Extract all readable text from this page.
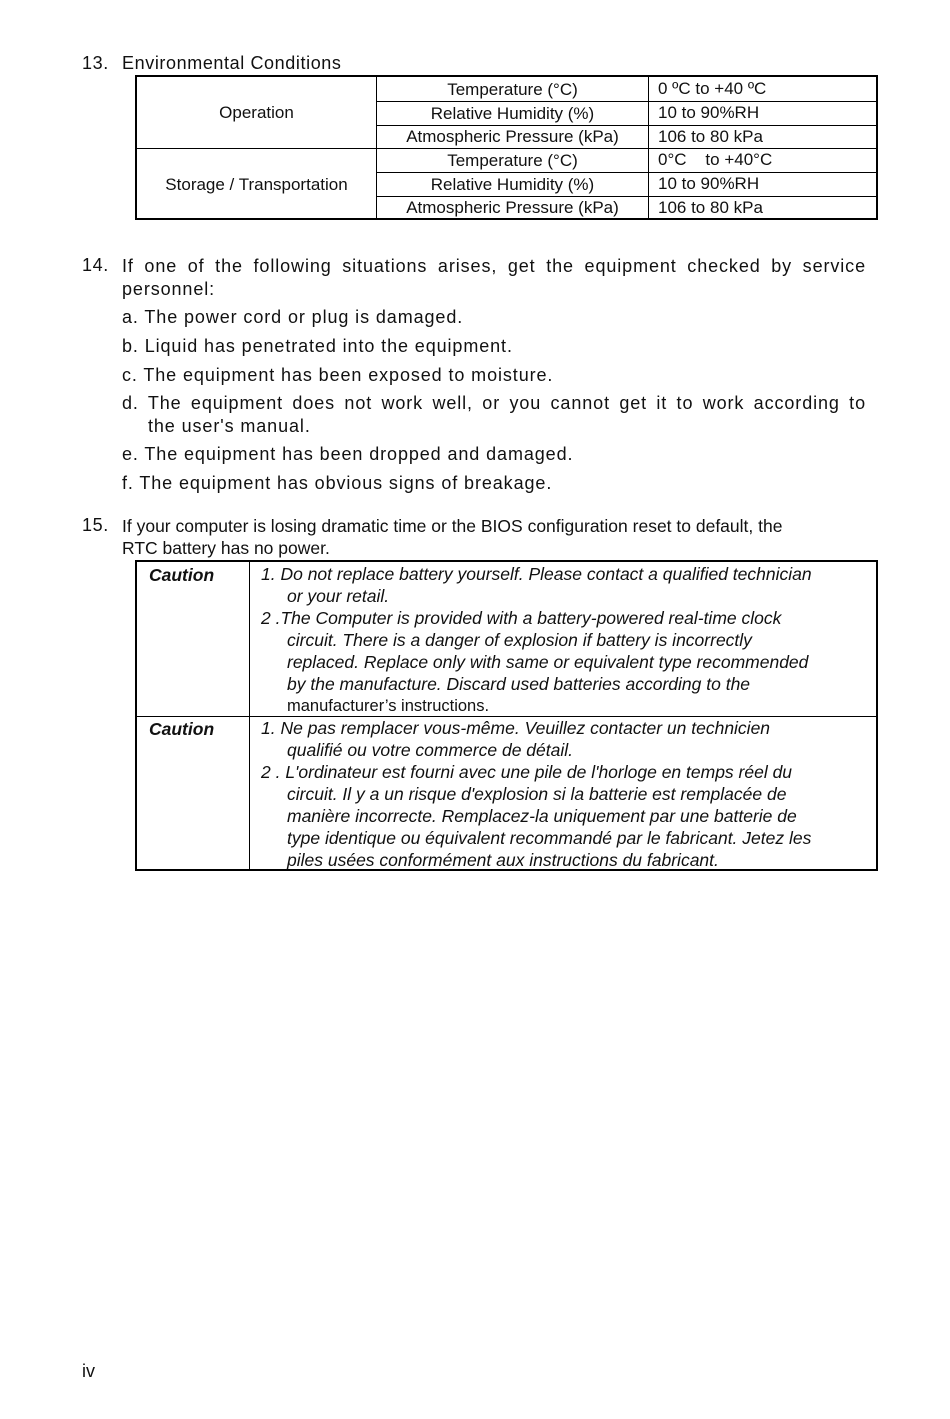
13. Environmental Conditions
Operation
Storage / Transportation
Temperature (°C)
Relative Humidity (%)
Atmospheric Pressure (kPa)
Temperature (°C)
Relative Humidity (%)
Atmospheric Pressure (kPa)
0 ºC to +40 ºC
10 to 90%RH
106 to 80 kPa
0°C    to +40°C
10 to 90%RH
106 to 80 kPa
14. If one of the following situations arises, get the equipment checked by service
personnel:
a. The power cord or plug is damaged.
b. Liquid has penetrated into the equipment.
c. The equipment has been exposed to moisture.
d. The equipment does not work well, or you cannot get it to work according to
the user's manual.
e. The equipment has been dropped and damaged.
f. The equipment has obvious signs of breakage.
15. If your computer is losing dramatic time or the BIOS configuration reset to default, the
RTC battery has no power.
Caution	1. Do not replace battery yourself. Please contact a qualified technician
or your retail.
2 .The Computer is provided with a battery-powered real-time clock
circuit. There is a danger of explosion if battery is incorrectly
replaced. Replace only with same or equivalent type recommended
by the manufacture. Discard used batteries according to the
manufacturer’s instructions.
Caution	1. Ne pas remplacer vous-même. Veuillez contacter un technicien
qualifié ou votre commerce de détail.
2 . L'ordinateur est fourni avec une pile de l'horloge en temps réel du
circuit. Il y a un risque d'explosion si la batterie est remplacée de
manière incorrecte. Remplacez-la uniquement par une batterie de
type identique ou équivalent recommandé par le fabricant. Jetez les
piles usées conformément aux instructions du fabricant.
iv
